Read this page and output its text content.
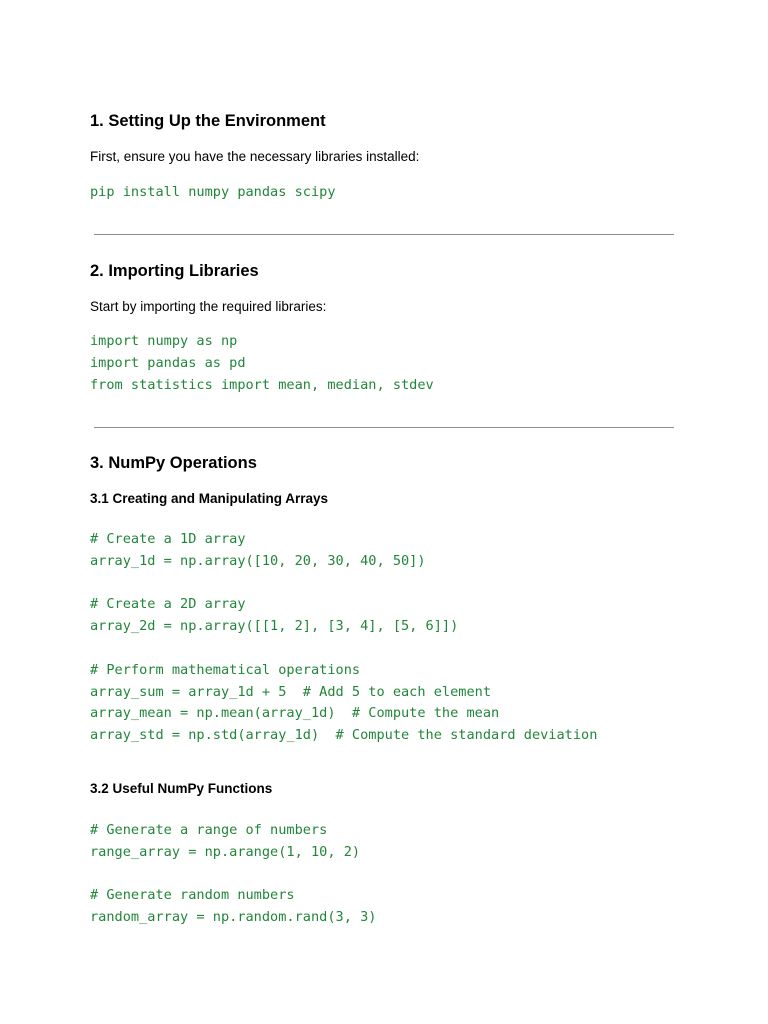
1. Setting Up the Environment

First, ensure you have the necessary libraries installed:

pip install numpy pandas scipy
2. Importing Libraries

Start by importing the required libraries:

import numpy as np
import pandas as pd
from statistics import mean, median, stdev
3. NumPy Operations
3.1 Creating and Manipulating Arrays
# Create a 1D array
array_1d = np.array([10, 20, 30, 40, 50])
# Create a 2D array
array_2d = np.array([[1, 2], [3, 4], [5, 6]])
# Perform mathematical operations
array_sum = array_1d + 5  # Add 5 to each element
array_mean = np.mean(array_1d)  # Compute the mean
array_std = np.std(array_1d)  # Compute the standard deviation
3.2 Useful NumPy Functions
# Generate a range of numbers
range_array = np.arange(1, 10, 2)
# Generate random numbers
random_array = np.random.rand(3, 3)
